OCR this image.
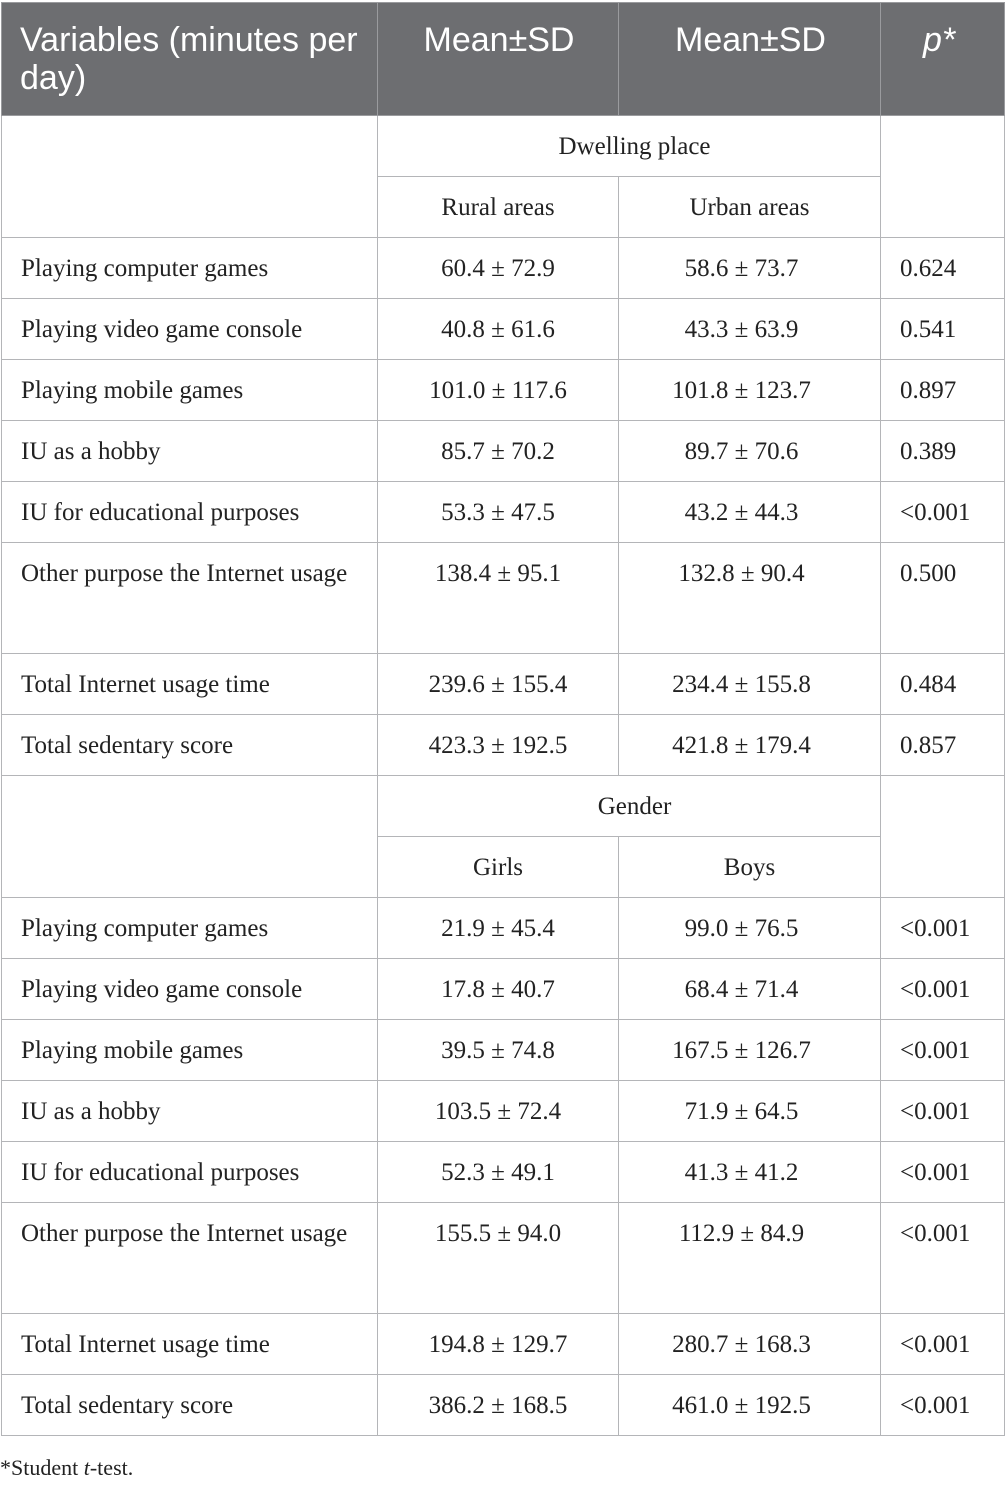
Variables (minutes per day)	Mean±SD	Mean±SD	p*
	Dwelling place		
	Rural areas	Urban areas	
Playing computer games	60.4 ± 72.9	58.6 ± 73.7	0.624
Playing video game console	40.8 ± 61.6	43.3 ± 63.9	0.541
Playing mobile games	101.0 ± 117.6	101.8 ± 123.7	0.897
IU as a hobby	85.7 ± 70.2	89.7 ± 70.6	0.389
IU for educational purposes	53.3 ± 47.5	43.2 ± 44.3	<0.001
Other purpose the Internet usage	138.4 ± 95.1	132.8 ± 90.4	0.500
Total Internet usage time	239.6 ± 155.4	234.4 ± 155.8	0.484
Total sedentary score	423.3 ± 192.5	421.8 ± 179.4	0.857
	Gender		
	Girls	Boys	
Playing computer games	21.9 ± 45.4	99.0 ± 76.5	<0.001
Playing video game console	17.8 ± 40.7	68.4 ± 71.4	<0.001
Playing mobile games	39.5 ± 74.8	167.5 ± 126.7	<0.001
IU as a hobby	103.5 ± 72.4	71.9 ± 64.5	<0.001
IU for educational purposes	52.3 ± 49.1	41.3 ± 41.2	<0.001
Other purpose the Internet usage	155.5 ± 94.0	112.9 ± 84.9	<0.001
Total Internet usage time	194.8 ± 129.7	280.7 ± 168.3	<0.001
Total sedentary score	386.2 ± 168.5	461.0 ± 192.5	<0.001
*Student t-test.
